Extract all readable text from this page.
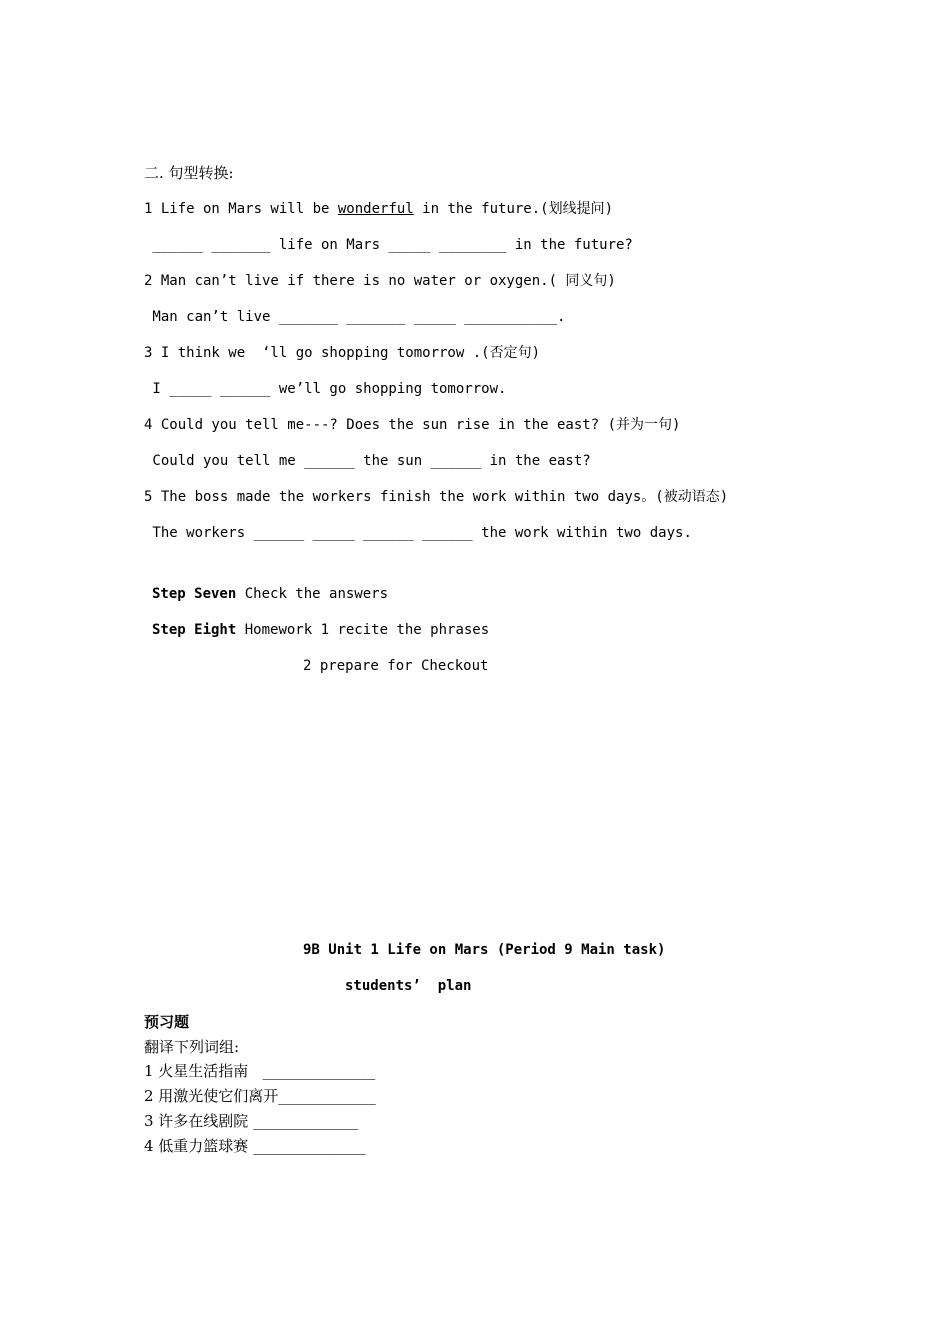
二. 句型转换:
1 Life on Mars will be wonderful in the future.(划线提问)
______ _______ life on Mars _____ ________ in the future?
2 Man can’t live if there is no water or oxygen.( 同义句)
Man can’t live _______ _______ _____ ___________.
3 I think we  ‘ll go shopping tomorrow .(否定句)
I _____ ______ we’ll go shopping tomorrow.
4 Could you tell me---? Does the sun rise in the east? (并为一句)
Could you tell me ______ the sun ______ in the east?
5 The boss made the workers finish the work within two days。(被动语态)
The workers ______ _____ ______ ______ the work within two days.
Step Seven Check the answers
Step Eight Homework 1 recite the phrases
2 prepare for Checkout
9B Unit 1 Life on Mars (Period 9 Main task)
students’  plan
预习题
翻译下列词组:
1 火星生活指南   _______________
2 用激光使它们离开_____________
3 许多在线剧院 ______________
4 低重力篮球赛 _______________
